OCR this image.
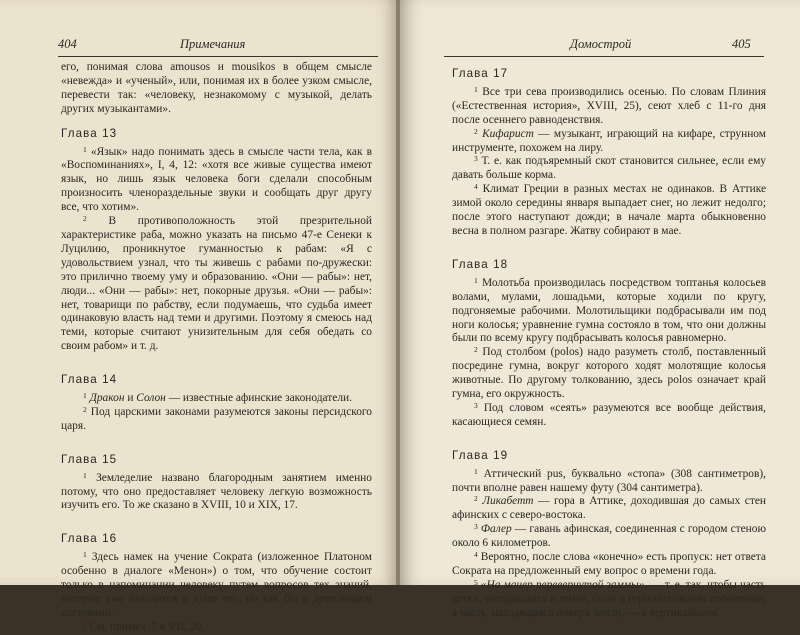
404	Примечания

его, понимая слова amousos и mousikos в общем смысле «невежда» и «ученый», или, понимая их в более узком смысле, перевести так: «человеку, незнакомому с музыкой, делать других музыкантами».

Глава 13

$^1$ «Язык» надо понимать здесь в смысле части тела, как в «Воспоминаниях», I, 4, 12: «хотя все живые существа имеют язык, но лишь язык человека боги сделали способным произносить членораздельные звуки и сообщать друг другу все, что хотим».

$^2$ В противоположность этой презрительной характеристике раба, можно указать на письмо 47-е Сенеки к Луцилию, проникнутое гуманностью к рабам: «Я с удовольствием узнал, что ты живешь с рабами по-дружески: это прилично твоему уму и образованию. «Они — рабы»: нет, люди... «Они — рабы»: нет, покорные друзья. «Они — рабы»: нет, товарищи по рабству, если подумаешь, что судьба имеет одинаковую власть над теми и другими. Поэтому я смеюсь над теми, которые считают унизительным для себя обедать со своим рабом» и т. д.

Глава 14

$^1$ Дракон и Солон — известные афинские законодатели.

$^2$ Под царскими законами разумеются законы персидского царя.

Глава 15

$^1$ Земледелие названо благородным занятием именно потому, что оно предоставляет человеку легкую возможность изучить его. То же сказано в XVIII, 10 и XIX, 17.

Глава 16

$^1$ Здесь намек на учение Сократа (изложенное Платоном особенно в диалоге «Менон») о том, что обучение состоит только в напоминании человеку путем вопросов тех знаний, которые уже находятся в душе его, но как бы в дремлющем состоянии.

$^2$ См. примеч. 7 к VII, 20.

Домострой	405
Глава 17

$^1$ Все три сева производились осенью. По словам Плиния («Естественная история», XVIII, 25), сеют хлеб с 11-го дня после осеннего равноденствия.

$^2$ Кифарист — музыкант, играющий на кифаре, струнном инструменте, похожем на лиру.

$^3$ Т. е. как подъяремный скот становится сильнее, если ему давать больше корма.

$^4$ Климат Греции в разных местах не одинаков. В Аттике зимой около середины января выпадает снег, но лежит недолго; после этого наступают дожди; в начале марта обыкновенно весна в полном разгаре. Жатву собирают в мае.

Глава 18

$^1$ Молотьба производилась посредством топтанья колосьев волами, мулами, лошадьми, которые ходили по кругу, подгоняемые рабочими. Молотильщики подбрасывали им под ноги колосья; уравнение гумна состояло в том, что они должны были по всему кругу подбрасывать колосья равномерно.

$^2$ Под столбом (polos) надо разуметь столб, поставленный посредине гумна, вокруг которого ходят молотящие колосья животные. По другому толкованию, здесь polos означает край гумна, его окружность.

$^3$ Под словом «сеять» разумеются все вообще действия, касающиеся семян.

Глава 19

$^1$ Аттический pus, буквально «стопа» (308 сантиметров), почти вполне равен нашему футу (304 сантиметра).

$^2$ Ликабетт — гора в Аттике, доходившая до самых стен афинских с северо-востока.

$^3$ Фалер — гавань афинская, соединенная с городом стеною около 6 километров.

$^4$ Вероятно, после слова «конечно» есть пропуск: нет ответа Сократа на предложенный ему вопрос о времени года.

$^5$ «На манер перевернутой заммы», — т. е. так, чтобы часть ветки, находящаяся в земле, была в горизонтальном положении, а часть, находящаяся поверх земли, — в вертикальном.
